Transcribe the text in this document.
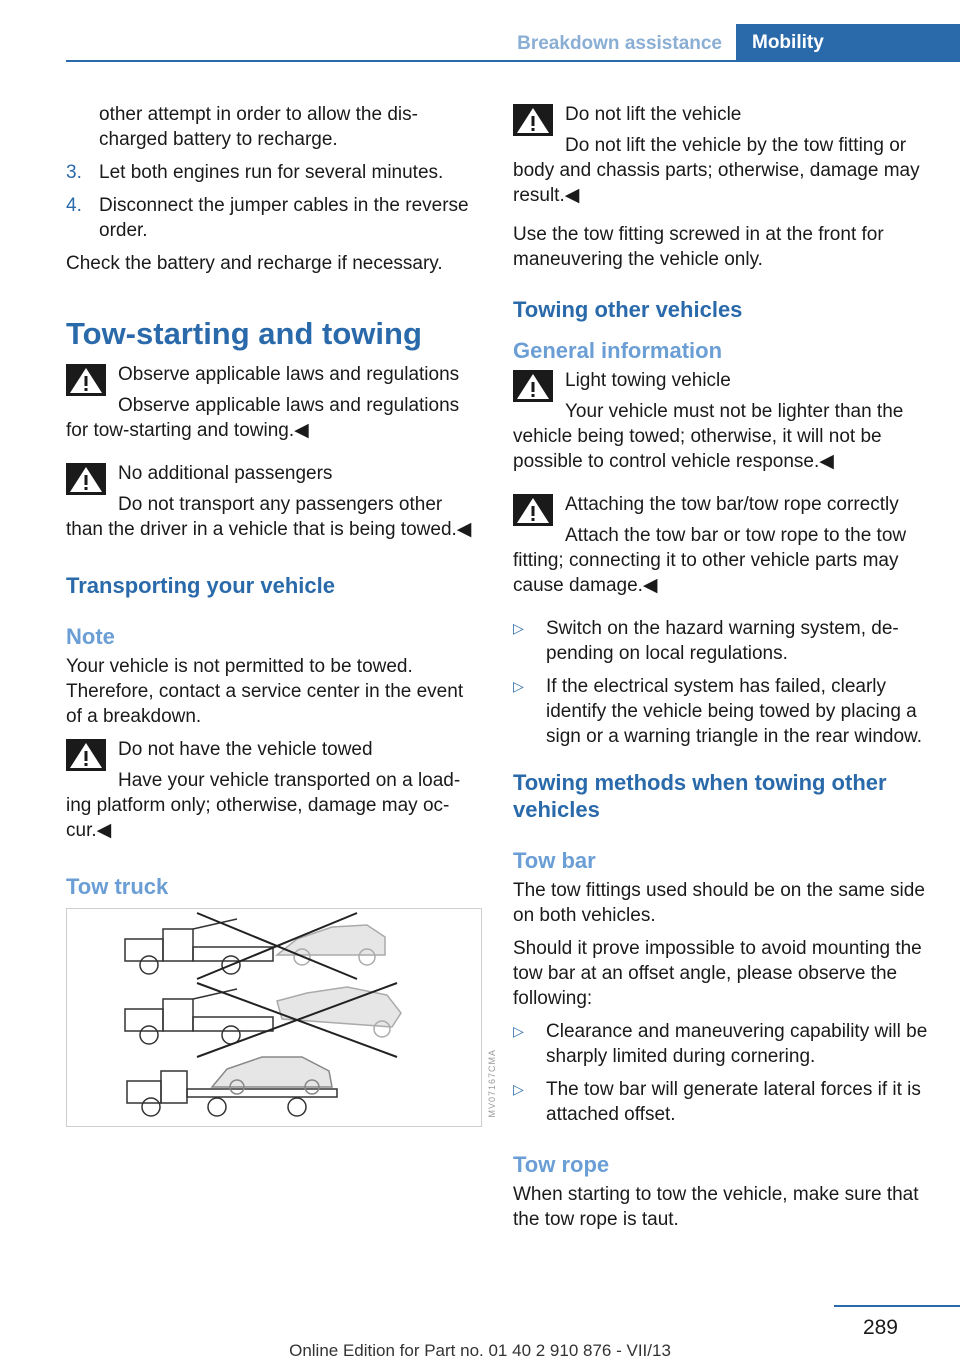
Breakdown assistance	Mobility

other attempt in order to allow the discharged battery to recharge.

3. Let both engines run for several minutes.
4. Disconnect the jumper cables in the reverse order.

Check the battery and recharge if necessary.

Tow-starting and towing
Observe applicable laws and regulations
Observe applicable laws and regulations for tow-starting and towing.◀
No additional passengers
Do not transport any passengers other than the driver in a vehicle that is being towed.◀
Transporting your vehicle
Note

Your vehicle is not permitted to be towed. Therefore, contact a service center in the event of a breakdown.

Do not have the vehicle towed
Have your vehicle transported on a loading platform only; otherwise, damage may occur.◀
Tow truck
MV07167CMA
Do not lift the vehicle
Do not lift the vehicle by the tow fitting or body and chassis parts; otherwise, damage may result.◀

Use the tow fitting screwed in at the front for maneuvering the vehicle only.

Towing other vehicles
General information
Light towing vehicle
Your vehicle must not be lighter than the vehicle being towed; otherwise, it will not be possible to control vehicle response.◀
Attaching the tow bar/tow rope correctly
Attach the tow bar or tow rope to the tow fitting; connecting it to other vehicle parts may cause damage.◀
▷ Switch on the hazard warning system, depending on local regulations.
▷ If the electrical system has failed, clearly identify the vehicle being towed by placing a sign or a warning triangle in the rear window.
Towing methods when towing other vehicles
Tow bar

The tow fittings used should be on the same side on both vehicles.

Should it prove impossible to avoid mounting the tow bar at an offset angle, please observe the following:

▷ Clearance and maneuvering capability will be sharply limited during cornering.
▷ The tow bar will generate lateral forces if it is attached offset.
Tow rope

When starting to tow the vehicle, make sure that the tow rope is taut.

289
Online Edition for Part no. 01 40 2 910 876 - VII/13
